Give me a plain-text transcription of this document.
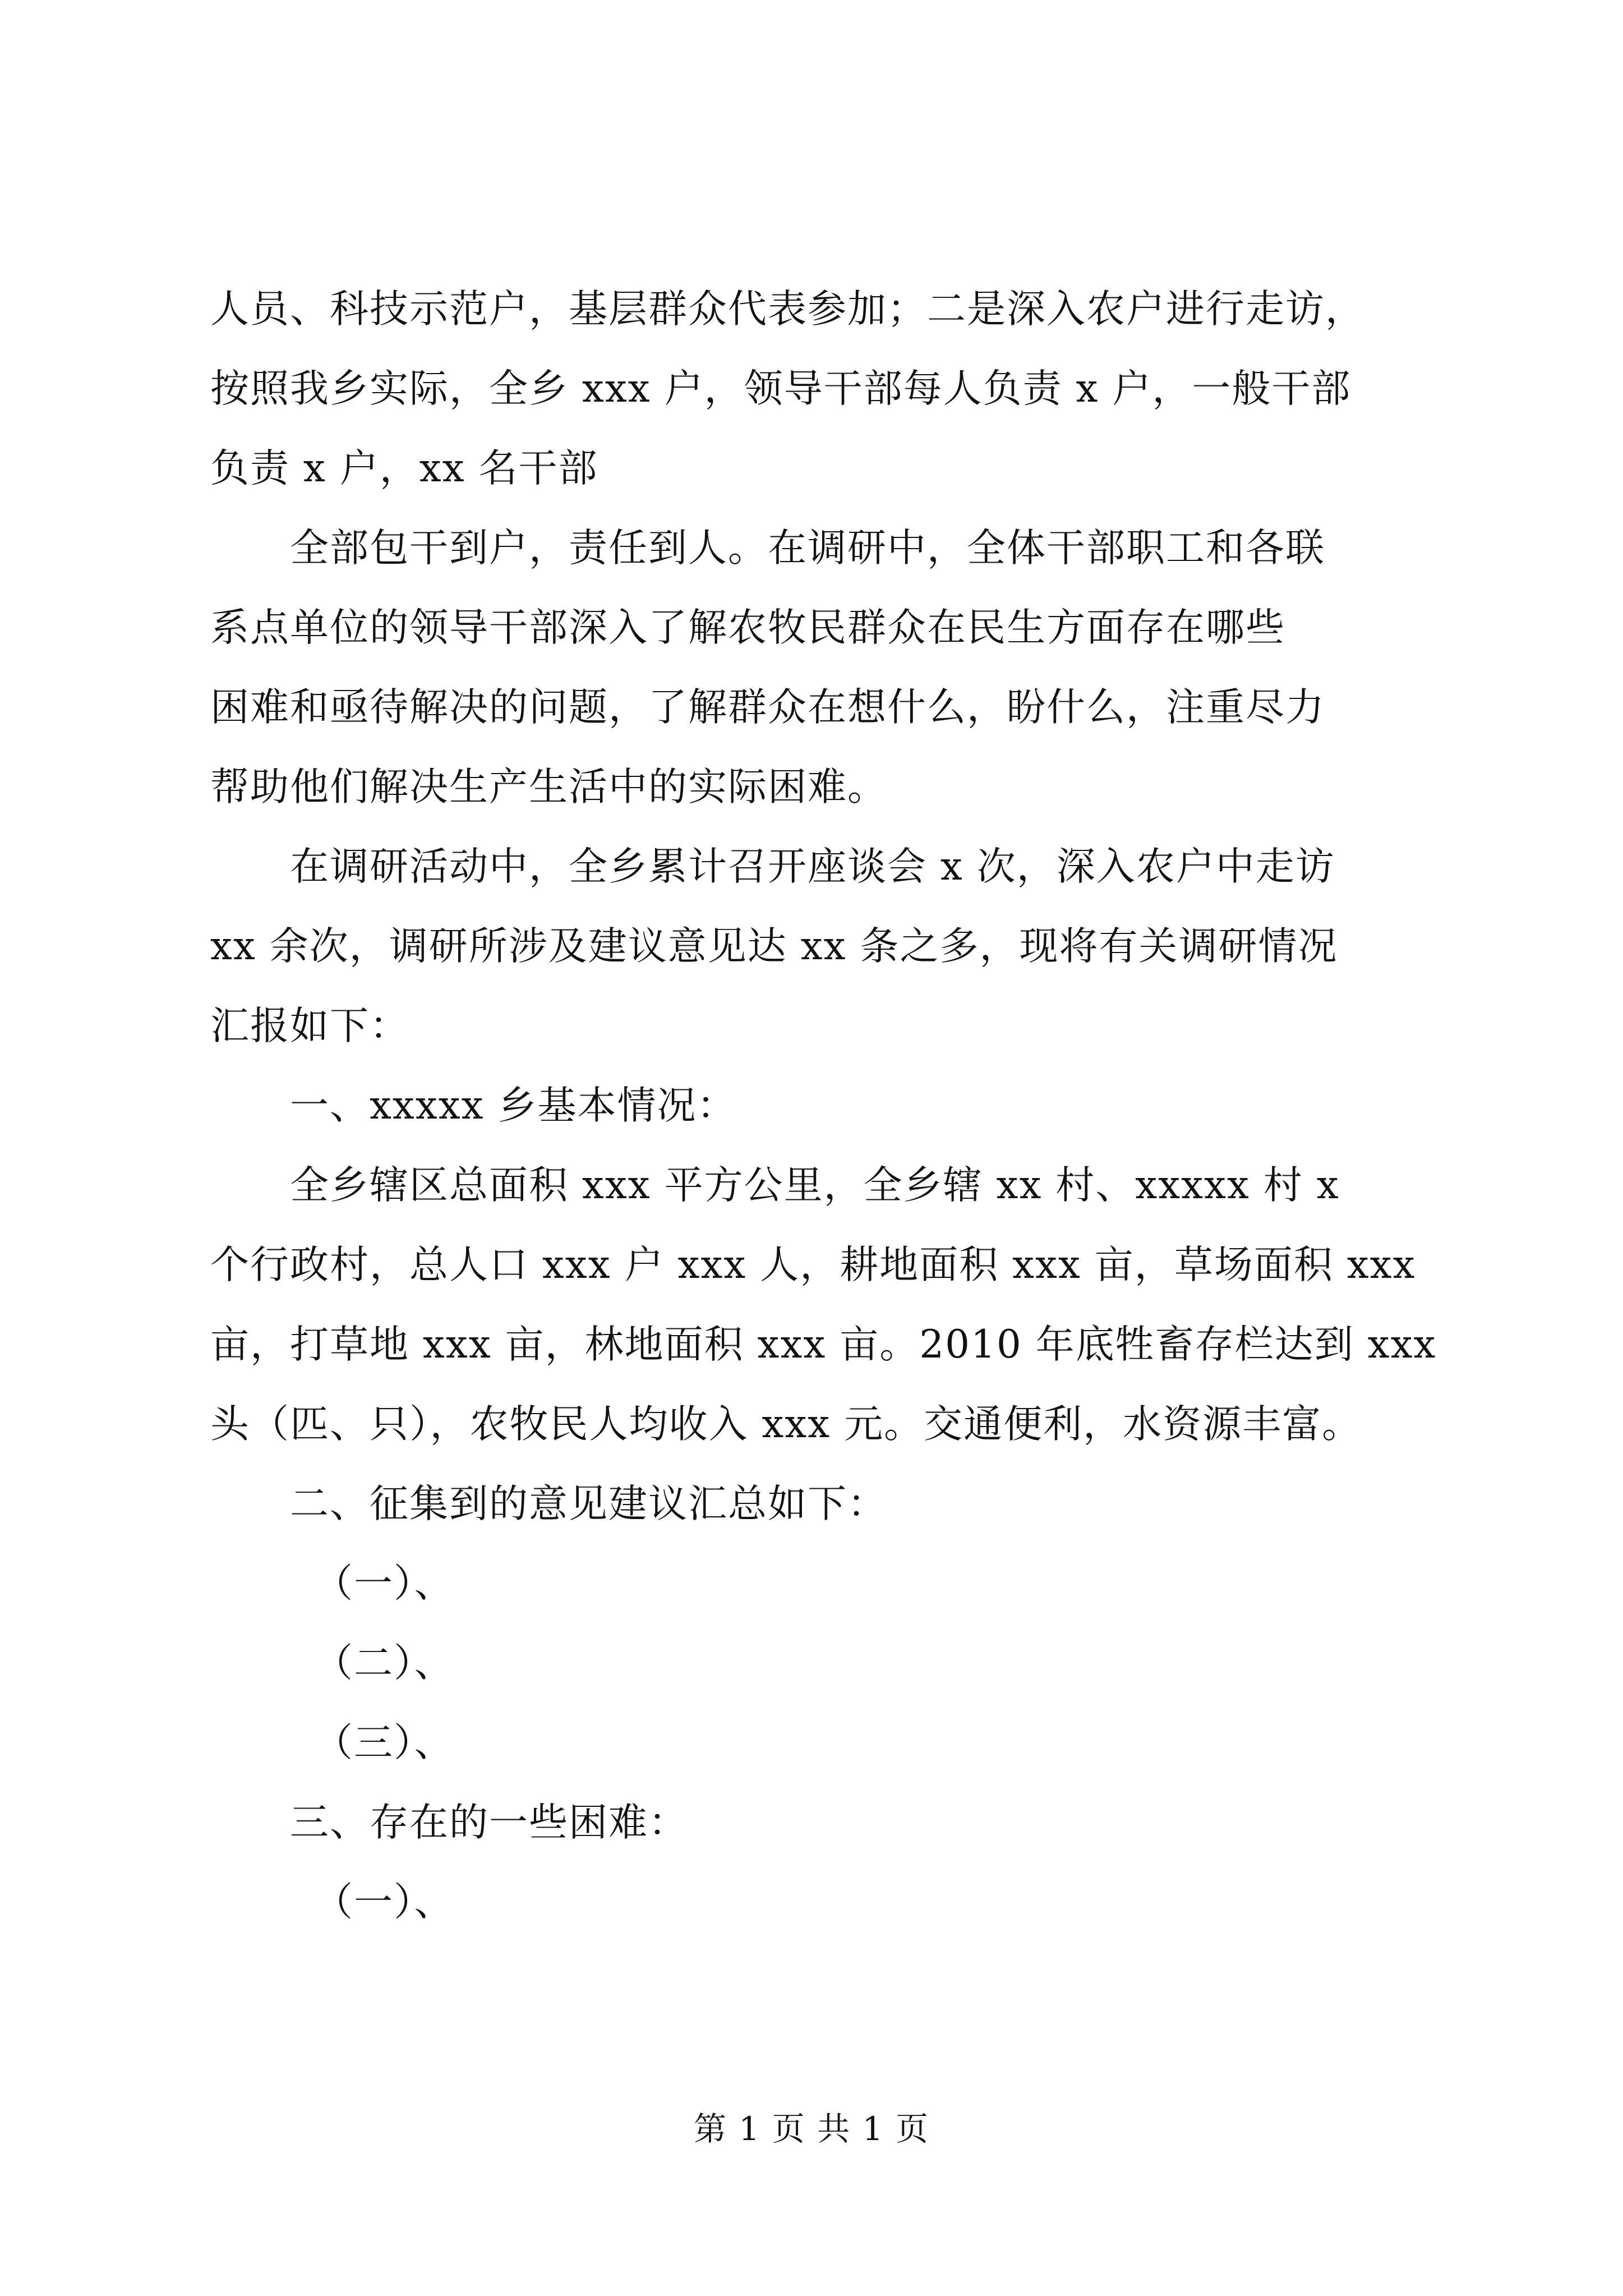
人员、科技示范户，基层群众代表参加；二是深入农户进行走访，
按照我乡实际，全乡 xxx 户，领导干部每人负责 x 户，一般干部
负责 x 户，xx 名干部
全部包干到户，责任到人。在调研中，全体干部职工和各联
系点单位的领导干部深入了解农牧民群众在民生方面存在哪些
困难和亟待解决的问题，了解群众在想什么，盼什么，注重尽力
帮助他们解决生产生活中的实际困难。
在调研活动中，全乡累计召开座谈会 x 次，深入农户中走访
xx 余次，调研所涉及建议意见达 xx 条之多，现将有关调研情况
汇报如下：
一、xxxxx 乡基本情况：
全乡辖区总面积 xxx 平方公里，全乡辖 xx 村、xxxxx 村 x
个行政村，总人口 xxx 户 xxx 人，耕地面积 xxx 亩，草场面积 xxx
亩，打草地 xxx 亩，林地面积 xxx 亩。2010 年底牲畜存栏达到 xxx
头（匹、只），农牧民人均收入 xxx 元。交通便利，水资源丰富。
二、征集到的意见建议汇总如下：
（一）、
（二）、
（三）、
三、存在的一些困难：
（一）、
第 1 页 共 1 页
